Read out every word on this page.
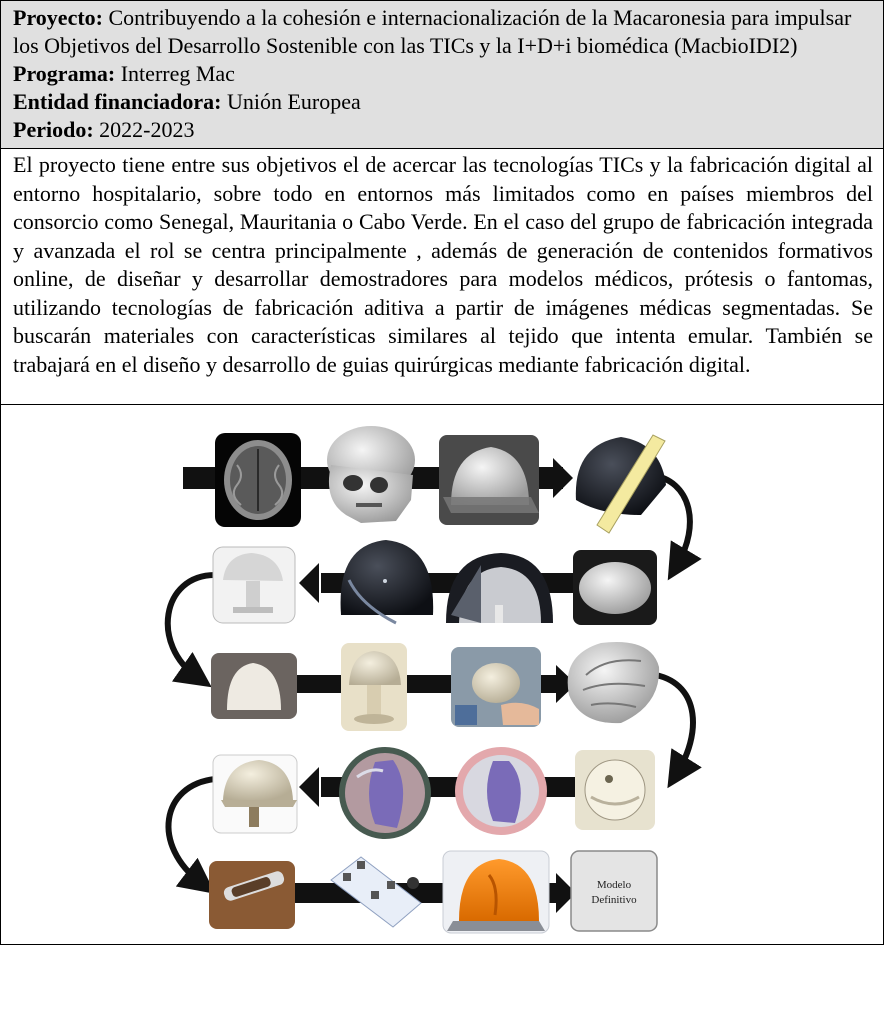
Proyecto: Contribuyendo a la cohesión e internacionalización de la Macaronesia para impulsar los Objetivos del Desarrollo Sostenible con las TICs y la I+D+i biomédica (MacbioIDI2)
Programa: Interreg Mac
Entidad financiadora: Unión Europea
Periodo: 2022-2023
El proyecto tiene entre sus objetivos el de acercar las tecnologías TICs y la fabricación digital al entorno hospitalario, sobre todo en entornos más limitados como en países miembros del consorcio como Senegal, Mauritania o Cabo Verde. En el caso del grupo de fabricación integrada y avanzada el rol se centra principalmente , además de generación de contenidos formativos online, de diseñar y desarrollar demostradores para modelos médicos, prótesis o fantomas, utilizando tecnologías de fabricación aditiva a partir de imágenes médicas segmentadas. Se buscarán materiales con características similares al tejido que intenta emular. También se trabajará en el diseño y desarrollo de guias quirúrgicas mediante fabricación digital.
Modelo
Definitivo
